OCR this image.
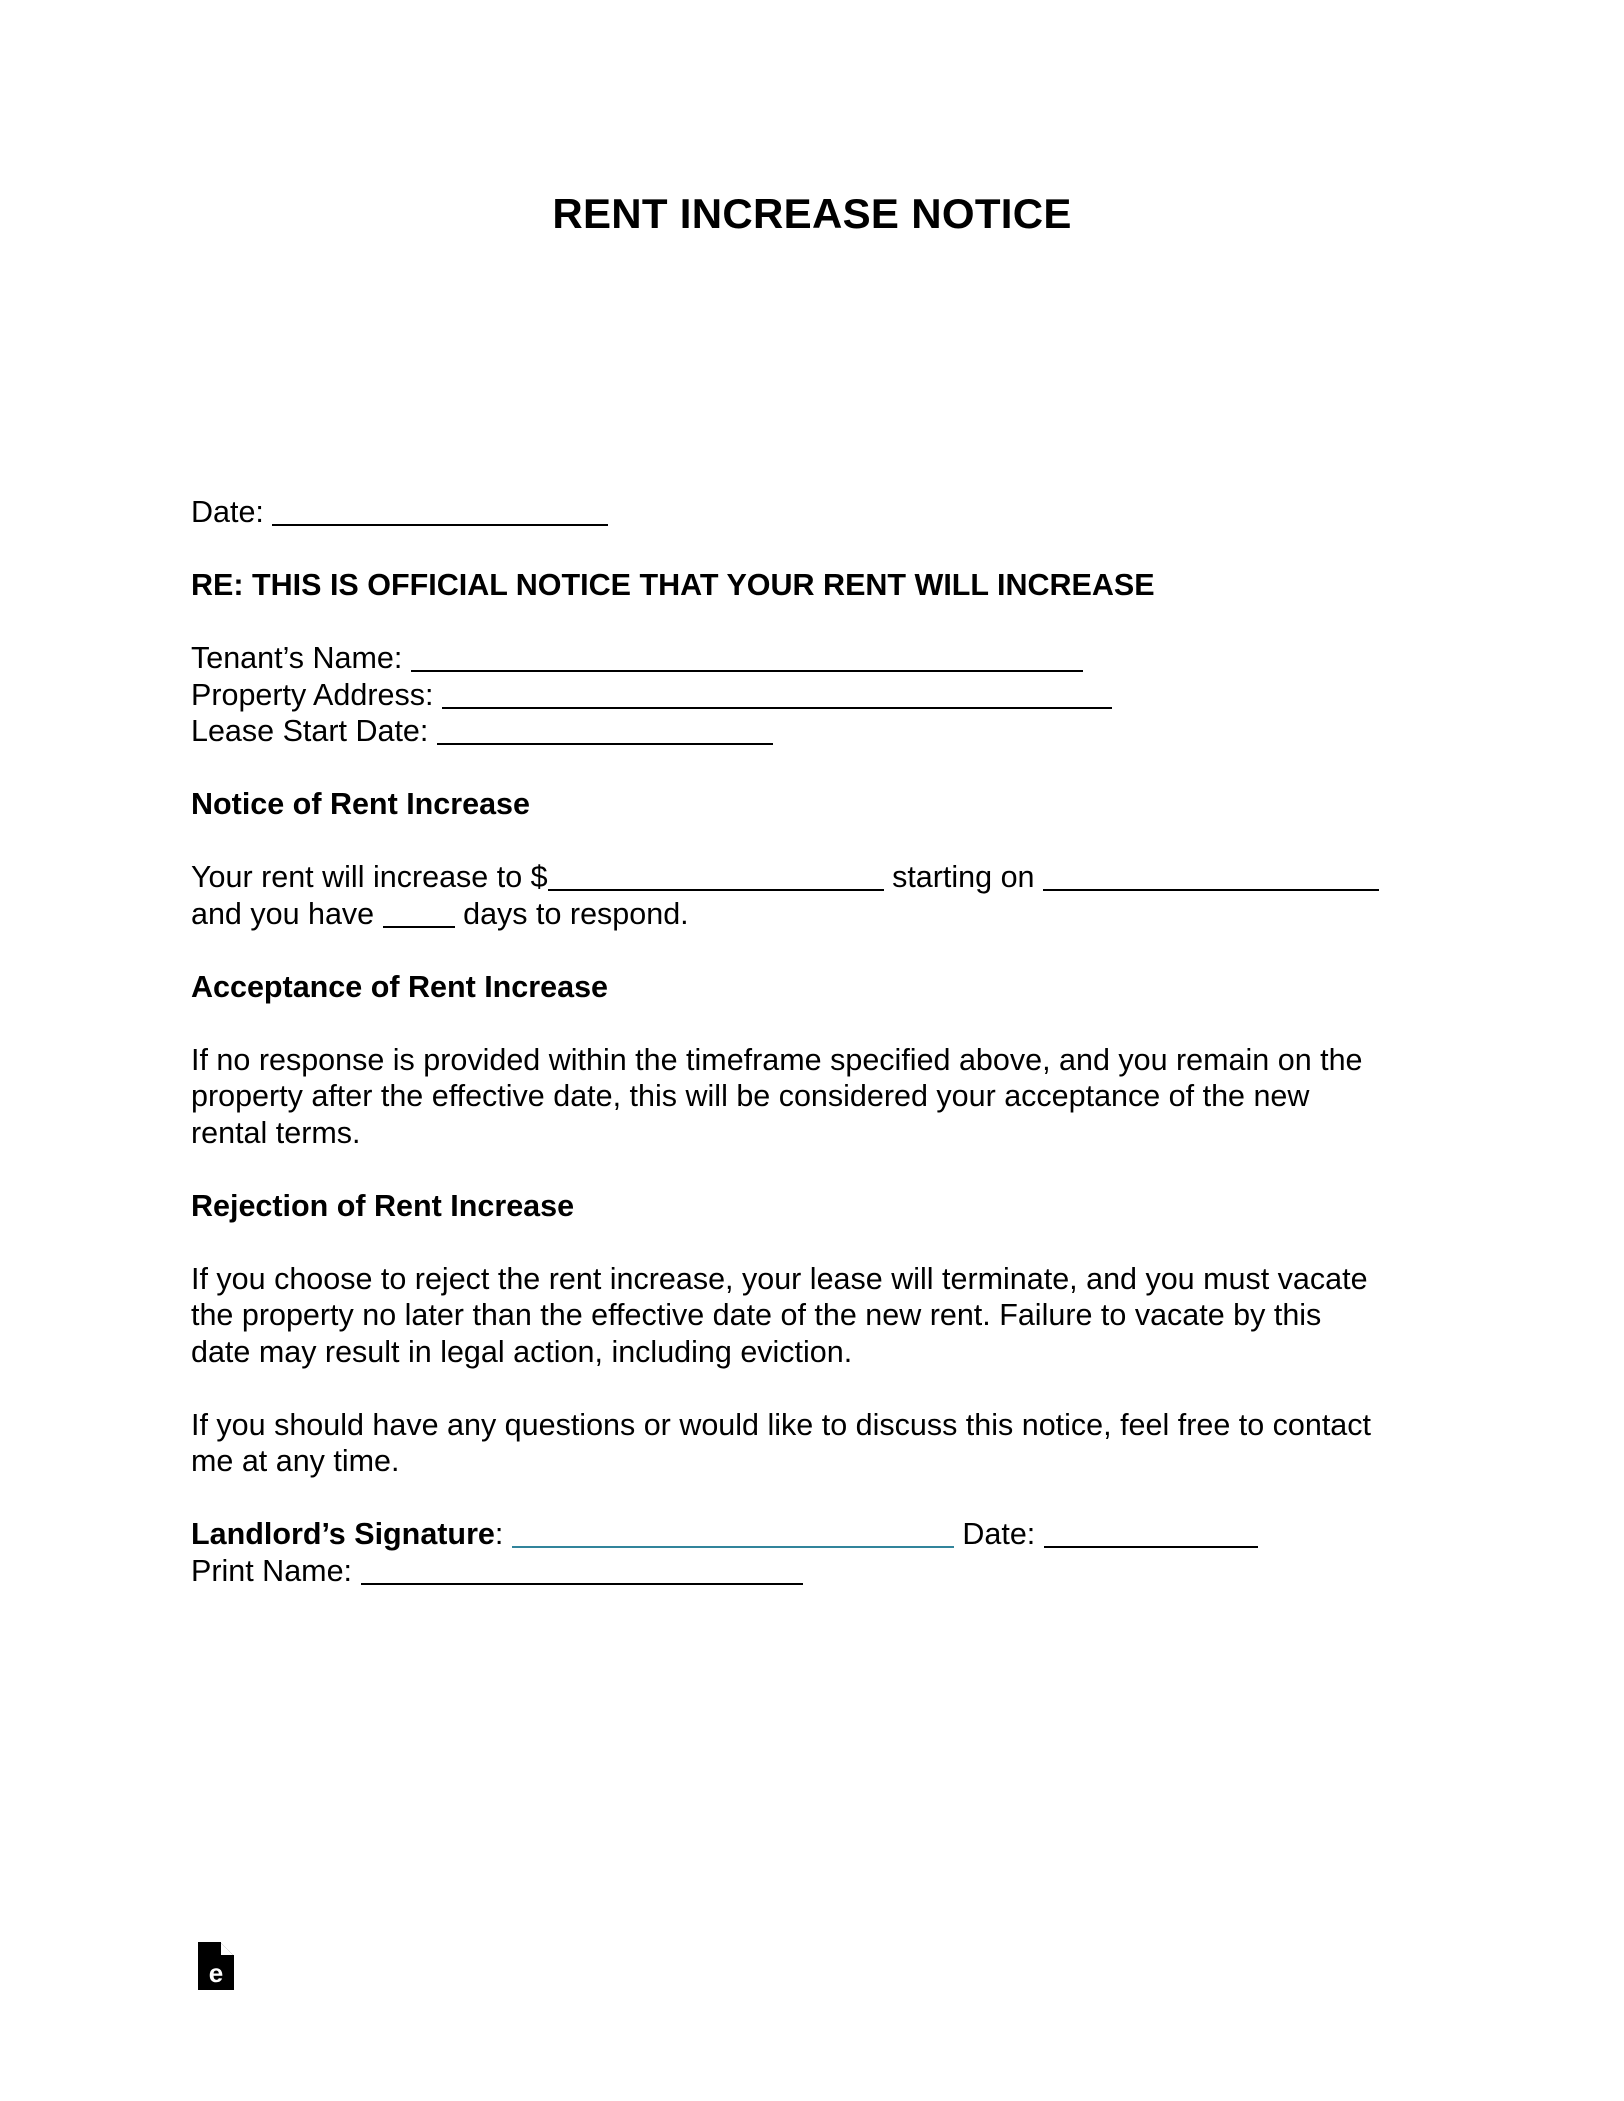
RENT INCREASE NOTICE
Date:
RE: THIS IS OFFICIAL NOTICE THAT YOUR RENT WILL INCREASE
Tenant’s Name:
Property Address:
Lease Start Date:
Notice of Rent Increase
Your rent will increase to $	starting on
and you have	days to respond.
Acceptance of Rent Increase
If no response is provided within the timeframe specified above, and you remain on the
property after the effective date, this will be considered your acceptance of the new
rental terms.
Rejection of Rent Increase
If you choose to reject the rent increase, your lease will terminate, and you must vacate
the property no later than the effective date of the new rent. Failure to vacate by this
date may result in legal action, including eviction.
If you should have any questions or would like to discuss this notice, feel free to contact
me at any time.
Landlord’s Signature:	Date:
Print Name:
e
